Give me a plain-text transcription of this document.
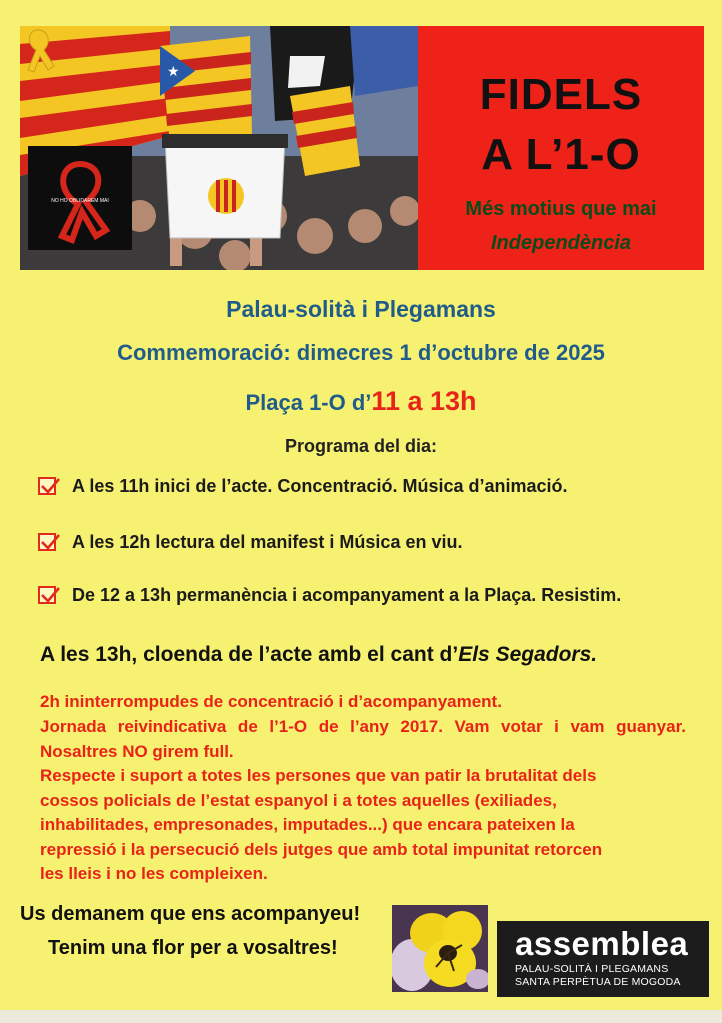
★
NO HO OBLIDAREM MAI
FIDELS
A L’1-O
Més motius que mai
Independència
Palau-solità i Plegamans
Commemoració: dimecres 1 d’octubre de 2025
Plaça 1-O d’11 a 13h
Programa del dia:
A les 11h inici de l’acte. Concentració. Música d’animació.
A les 12h lectura del manifest i Música en viu.
De 12 a 13h permanència i acompanyament a la Plaça. Resistim.
A les 13h, cloenda de l’acte amb el cant d’Els Segadors.
2h ininterrompudes de concentració i d’acompanyament.
Jornada reivindicativa de l’1-O de l’any 2017. Vam votar i vam guanyar. Nosaltres NO girem full.
Respecte i suport a totes les persones que van patir la brutalitat dels
cossos policials de l’estat espanyol i a totes aquelles (exiliades,
inhabilitades, empresonades, imputades...) que encara pateixen la
repressió i la persecució dels jutges que amb total impunitat retorcen
les lleis i no les compleixen.
Us demanem que ens acompanyeu!
Tenim una flor per a vosaltres!	assemblea
PALAU-SOLITÀ I PLEGAMANS
SANTA PERPÈTUA DE MOGODA
